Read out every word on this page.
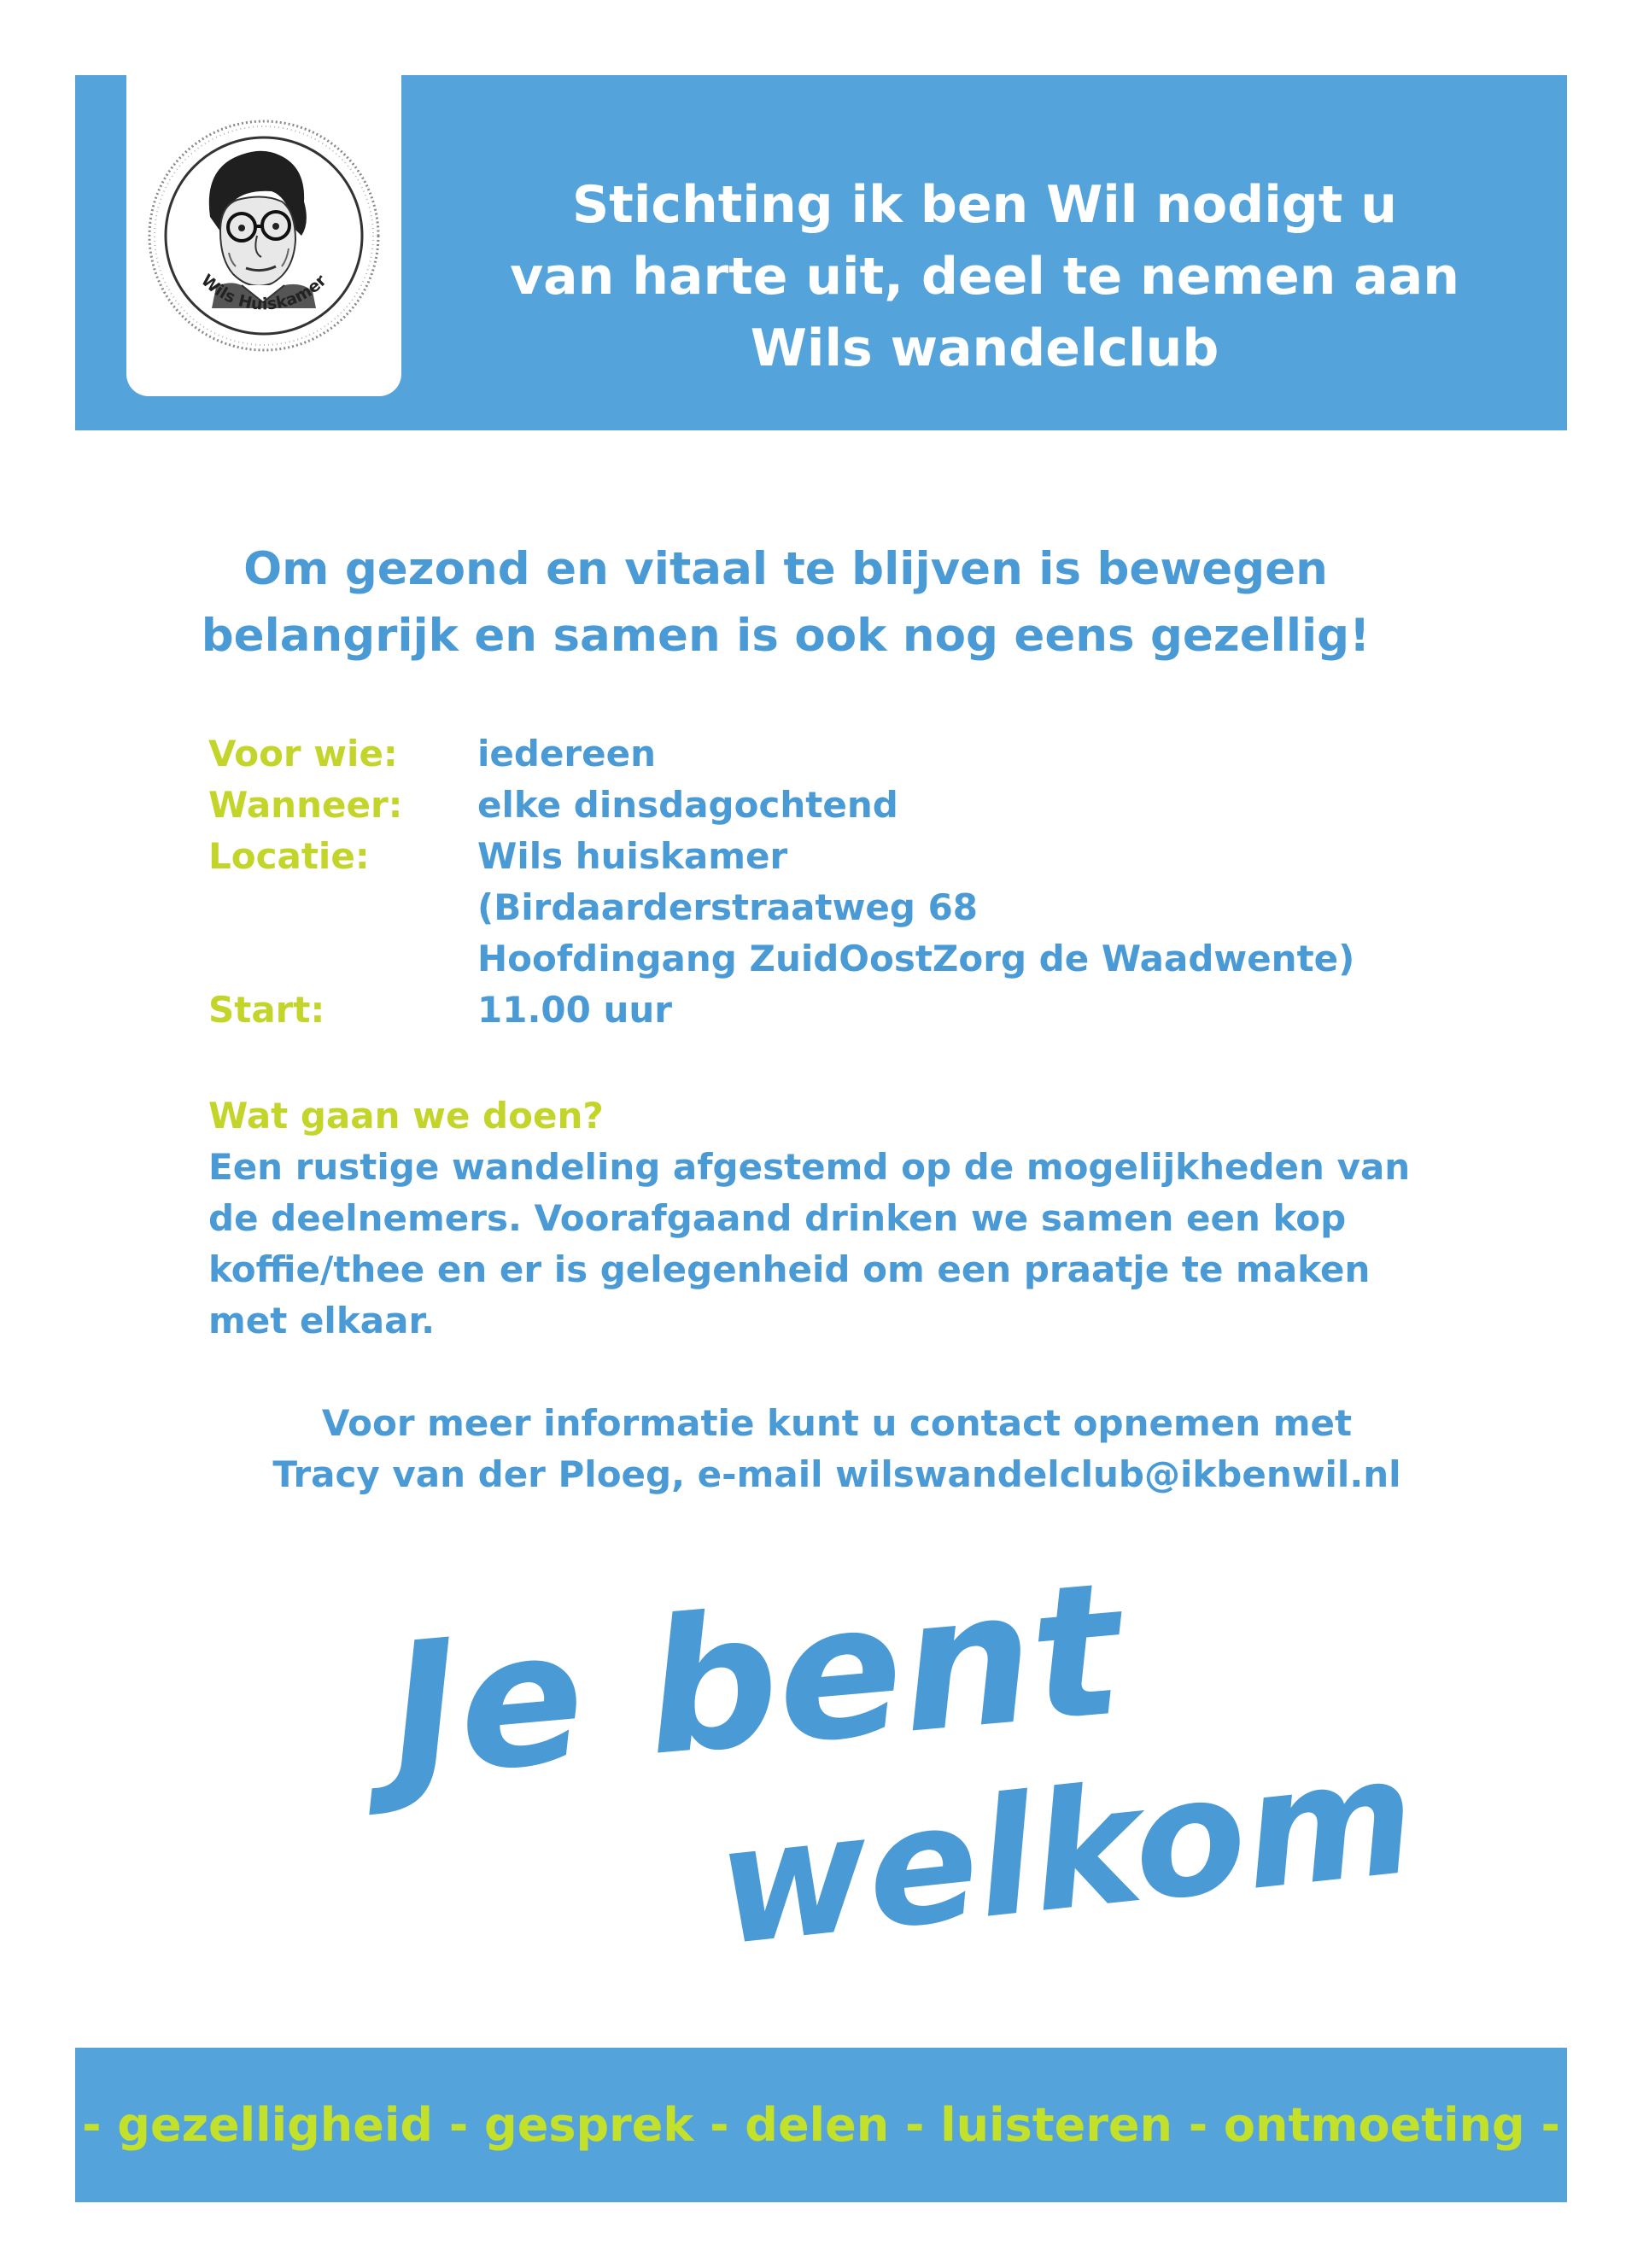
Wils Huiskamer
Stichting ik ben Wil nodigt u
van harte uit, deel te nemen aan
Wils wandelclub
Om gezond en vitaal te blijven is bewegen
belangrijk en samen is ook nog eens gezellig!
Voor wie:	iedereen
Wanneer:	elke dinsdagochtend
Locatie:	Wils huiskamer
(Birdaarderstraatweg 68
Hoofdingang ZuidOostZorg de Waadwente)
Start:	11.00 uur
Wat gaan we doen?
Een rustige wandeling afgestemd op de mogelijkheden van
de deelnemers. Voorafgaand drinken we samen een kop
koffie/thee en er is gelegenheid om een praatje te maken
met elkaar.
Voor meer informatie kunt u contact opnemen met
Tracy van der Ploeg, e-mail wilswandelclub@ikbenwil.nl
Je bent
welkom
- gezelligheid - gesprek - delen - luisteren - ontmoeting -
